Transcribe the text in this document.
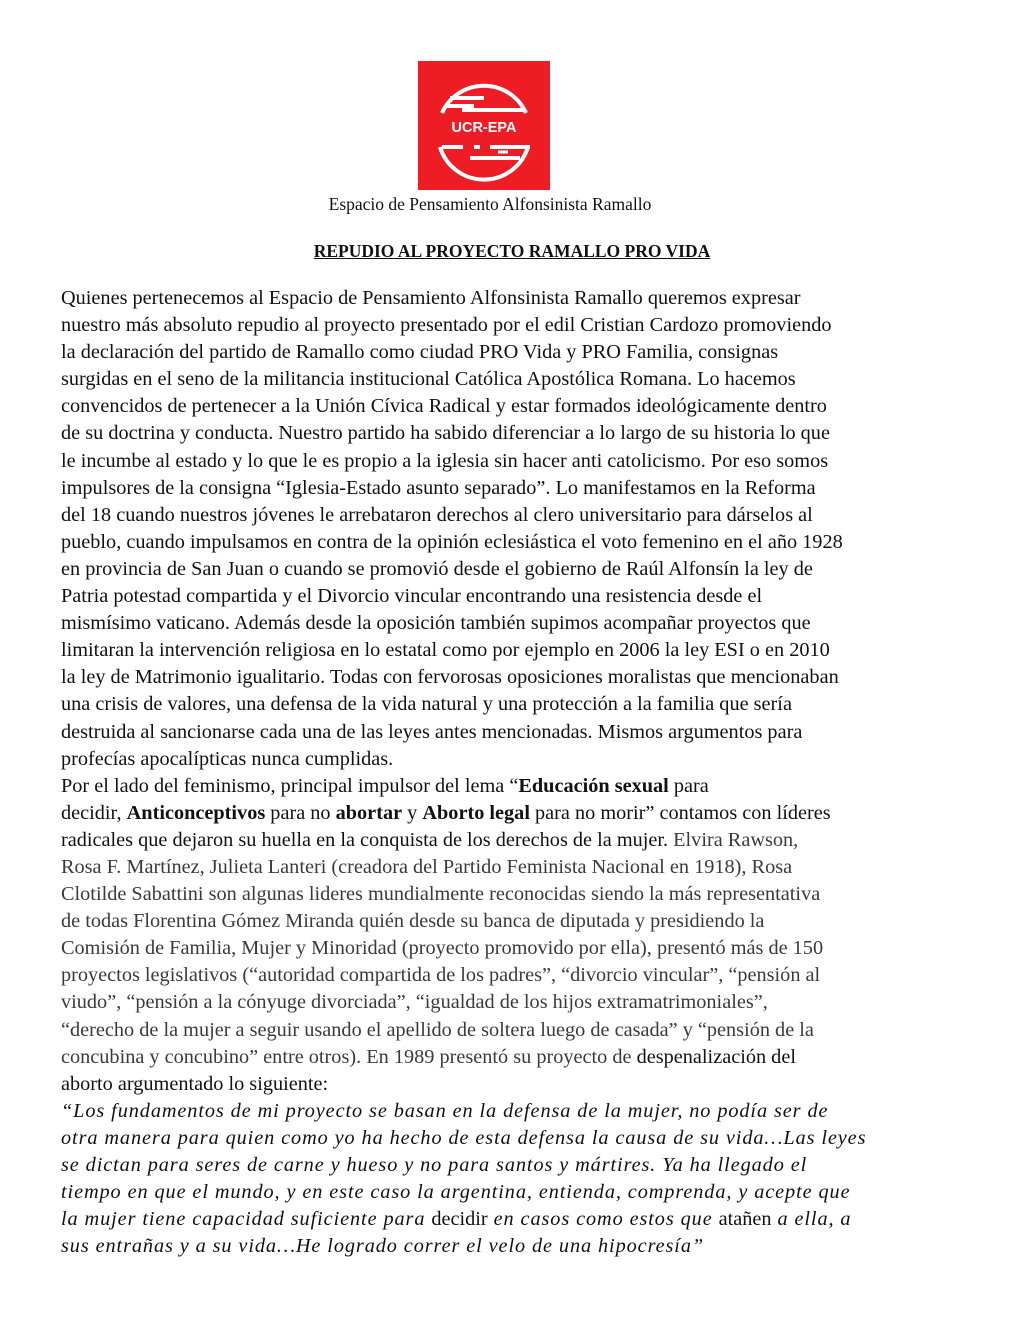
UCR-EPA
Espacio de Pensamiento Alfonsinista Ramallo
REPUDIO AL PROYECTO RAMALLO PRO VIDA
Quienes pertenecemos al Espacio de Pensamiento Alfonsinista Ramallo queremos expresar
nuestro más absoluto repudio al proyecto presentado por el edil Cristian Cardozo promoviendo
la declaración del partido de Ramallo como ciudad PRO Vida y PRO Familia, consignas
surgidas en el seno de la militancia institucional Católica Apostólica Romana. Lo hacemos
convencidos de pertenecer a la Unión Cívica Radical y estar formados ideológicamente dentro
de su doctrina y conducta. Nuestro partido ha sabido diferenciar a lo largo de su historia lo que
le incumbe al estado y lo que le es propio a la iglesia sin hacer anti catolicismo. Por eso somos
impulsores de la consigna “Iglesia-Estado asunto separado”. Lo manifestamos en la Reforma
del 18 cuando nuestros jóvenes le arrebataron derechos al clero universitario para dárselos al
pueblo, cuando impulsamos en contra de la opinión eclesiástica el voto femenino en el año 1928
en provincia de San Juan o cuando se promovió desde el gobierno de Raúl Alfonsín la ley de
Patria potestad compartida y el Divorcio vincular encontrando una resistencia desde el
mismísimo vaticano. Además desde la oposición también supimos acompañar proyectos que
limitaran la intervención religiosa en lo estatal como por ejemplo en 2006 la ley ESI o en 2010
la ley de Matrimonio igualitario. Todas con fervorosas oposiciones moralistas que mencionaban
una crisis de valores, una defensa de la vida natural y una protección a la familia que sería
destruida al sancionarse cada una de las leyes antes mencionadas. Mismos argumentos para
profecías apocalípticas nunca cumplidas.
Por el lado del feminismo, principal impulsor del lema “Educación sexual para
decidir, Anticonceptivos para no abortar y Aborto legal para no morir” contamos con líderes
radicales que dejaron su huella en la conquista de los derechos de la mujer. Elvira Rawson,
Rosa F. Martínez, Julieta Lanteri (creadora del Partido Feminista Nacional en 1918), Rosa
Clotilde Sabattini son algunas lideres mundialmente reconocidas siendo la más representativa
de todas Florentina Gómez Miranda quién desde su banca de diputada y presidiendo la
Comisión de Familia, Mujer y Minoridad (proyecto promovido por ella), presentó más de 150
proyectos legislativos (“autoridad compartida de los padres”, “divorcio vincular”, “pensión al
viudo”, “pensión a la cónyuge divorciada”, “igualdad de los hijos extramatrimoniales”,
“derecho de la mujer a seguir usando el apellido de soltera luego de casada” y “pensión de la
concubina y concubino” entre otros). En 1989 presentó su proyecto de despenalización del
aborto argumentado lo siguiente:
“Los fundamentos de mi proyecto se basan en la defensa de la mujer, no podía ser de
otra manera para quien como yo ha hecho de esta defensa la causa de su vida…Las leyes
se dictan para seres de carne y hueso y no para santos y mártires. Ya ha llegado el
tiempo en que el mundo, y en este caso la argentina, entienda, comprenda, y acepte que
la mujer tiene capacidad suficiente para decidir en casos como estos que atañen a ella, a
sus entrañas y a su vida…He logrado correr el velo de una hipocresía”
